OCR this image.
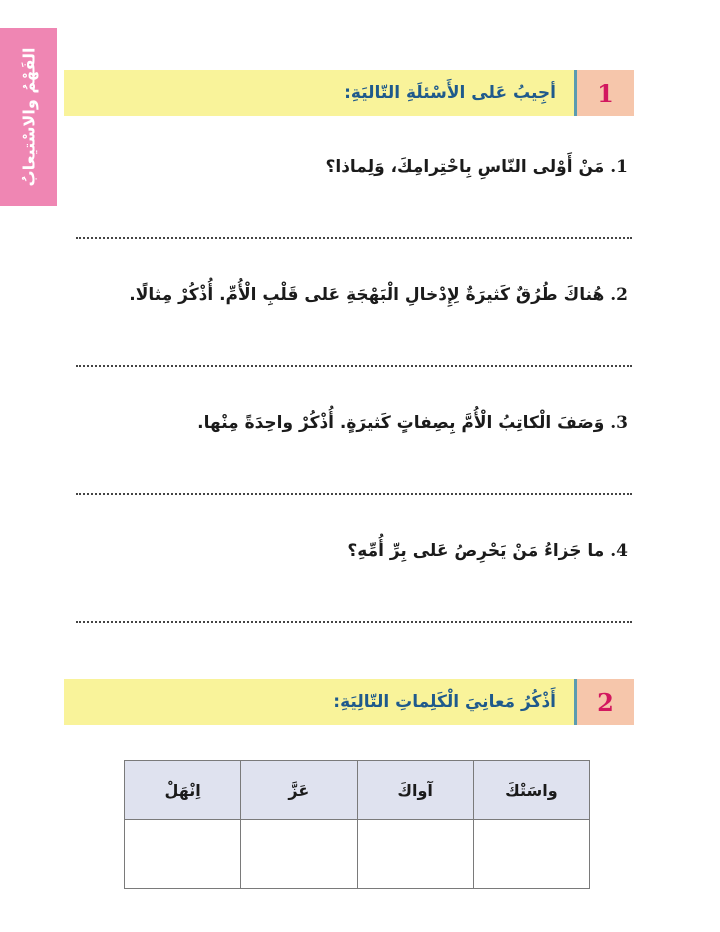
الفَهْمُ والاسْتيعابُ	1
أجِيبُ عَلى الأَسْئلَةِ التّاليَةِ:
1. مَنْ أَوْلى النّاسِ بِاحْتِرامِكَ، وَلِماذا؟
2. هُناكَ طُرُقٌ كَثيرَةٌ لِإِدْخالِ الْبَهْجَةِ عَلى قَلْبِ الْأُمِّ. أُذْكُرْ مِثالًا.
3. وَصَفَ الْكاتِبُ الْأُمَّ بِصِفاتٍ كَثيرَةٍ. أُذْكُرْ واحِدَةً مِنْها.
4. ما جَزاءُ مَنْ يَحْرِصُ عَلى بِرِّ أُمِّهِ؟
2
أَذْكُرُ مَعانِيَ الْكَلِماتِ التّالِيَةِ:
واسَتْكَ	آواكَ	عَزَّ	اِنْهَلْ
